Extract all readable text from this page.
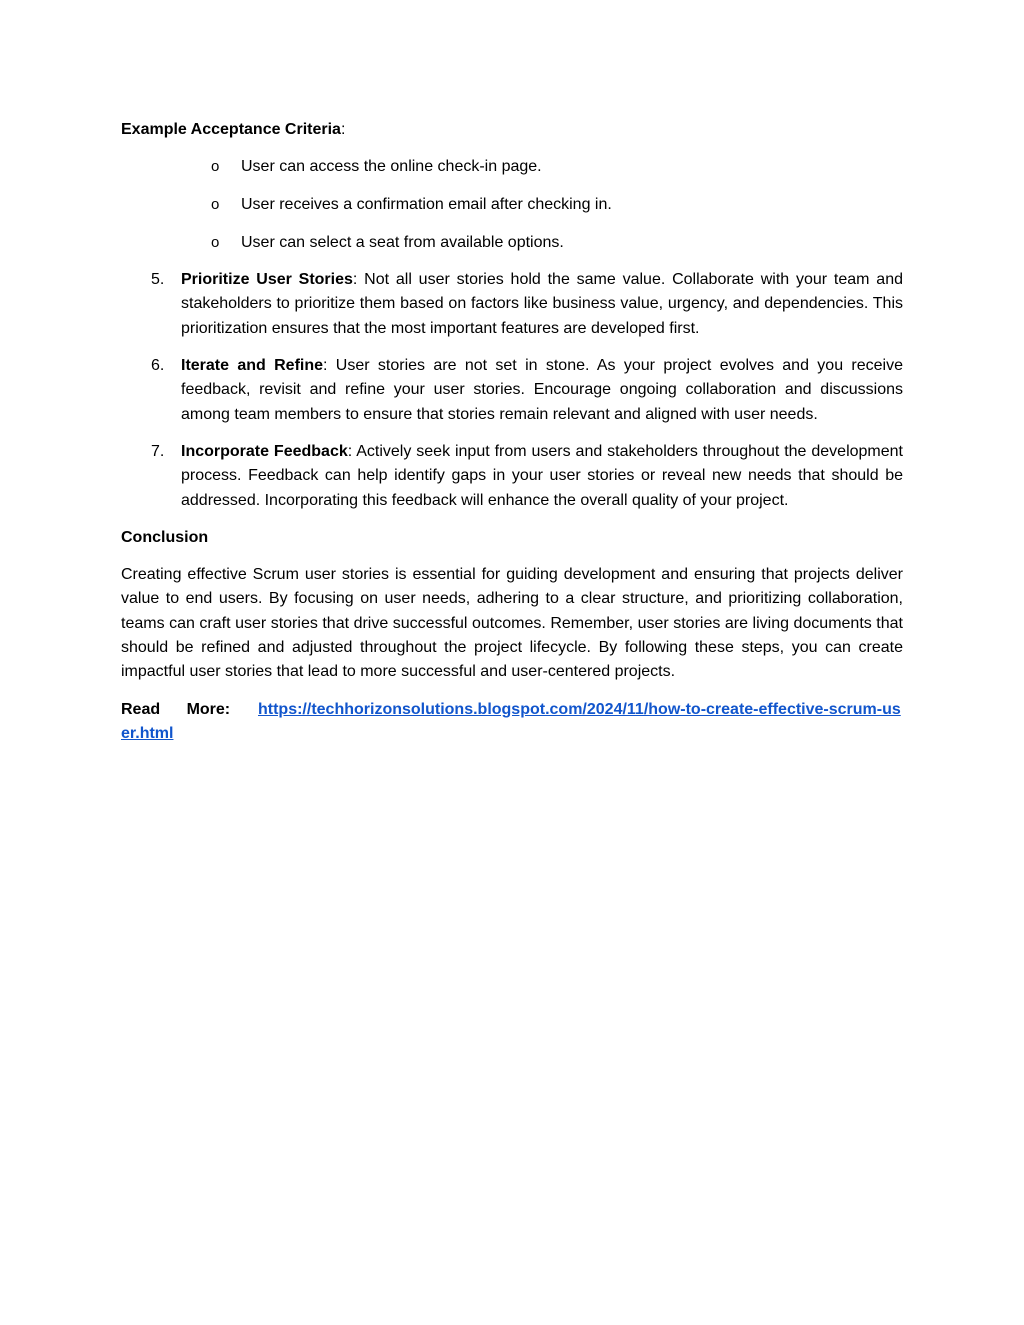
Example Acceptance Criteria:

o User can access the online check-in page.
o User receives a confirmation email after checking in.
o User can select a seat from available options.
5. Prioritize User Stories: Not all user stories hold the same value. Collaborate with your team and stakeholders to prioritize them based on factors like business value, urgency, and dependencies. This prioritization ensures that the most important features are developed first.
6. Iterate and Refine: User stories are not set in stone. As your project evolves and you receive feedback, revisit and refine your user stories. Encourage ongoing collaboration and discussions among team members to ensure that stories remain relevant and aligned with user needs.
7. Incorporate Feedback: Actively seek input from users and stakeholders throughout the development process. Feedback can help identify gaps in your user stories or reveal new needs that should be addressed. Incorporating this feedback will enhance the overall quality of your project.

Conclusion

Creating effective Scrum user stories is essential for guiding development and ensuring that projects deliver value to end users. By focusing on user needs, adhering to a clear structure, and prioritizing collaboration, teams can craft user stories that drive successful outcomes. Remember, user stories are living documents that should be refined and adjusted throughout the project lifecycle. By following these steps, you can create impactful user stories that lead to more successful and user-centered projects.

Read More: https://techhorizonsolutions.blogspot.com/2024/11/how-to-create-effective-scrum-user.html
